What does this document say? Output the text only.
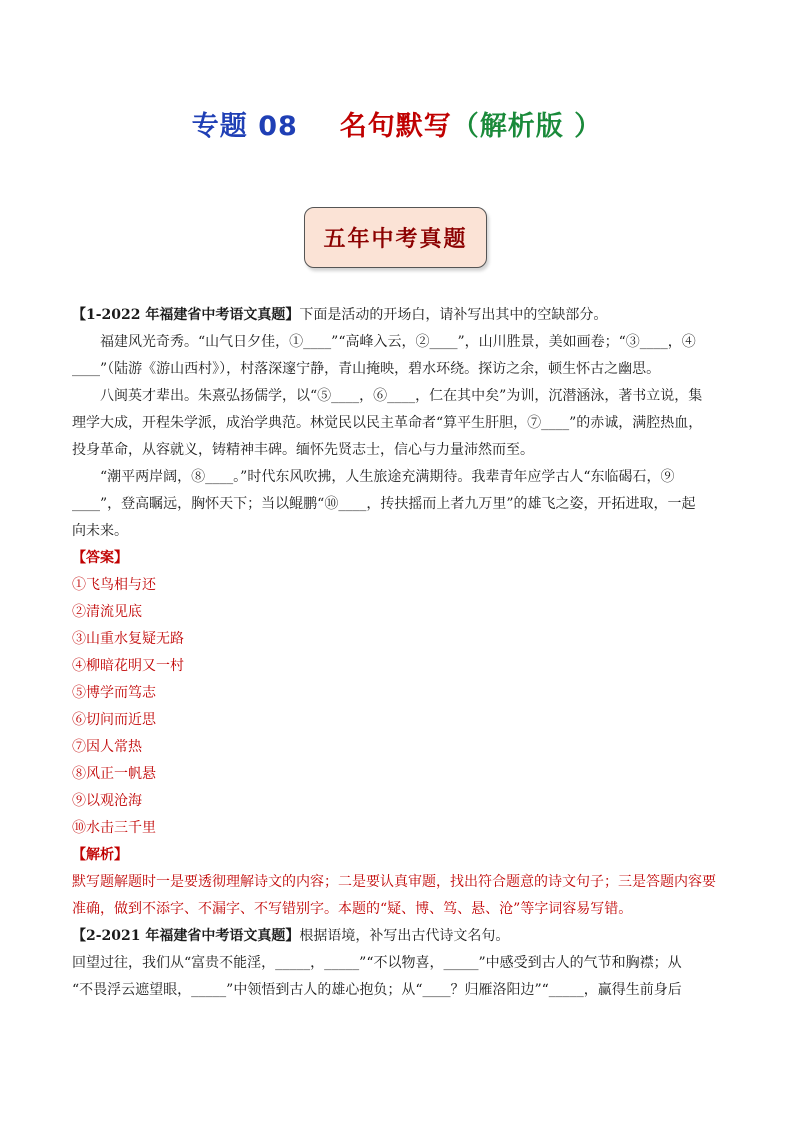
专题 08 名句默写（解析版 ）
五年中考真题
【1-2022 年福建省中考语文真题】下面是活动的开场白，请补写出其中的空缺部分。
福建风光奇秀。“山气日夕佳，①____”“高峰入云，②____”，山川胜景，美如画卷；“③____，④
____”（陆游《游山西村》），村落深邃宁静，青山掩映，碧水环绕。探访之余，顿生怀古之幽思。
八闽英才辈出。朱熹弘扬儒学，以“⑤____，⑥____，仁在其中矣”为训，沉潜涵泳，著书立说，集
理学大成，开程朱学派，成治学典范。林觉民以民主革命者“算平生肝胆，⑦____”的赤诚，满腔热血，
投身革命，从容就义，铸精神丰碑。缅怀先贤志士，信心与力量沛然而至。
“潮平两岸阔，⑧____。”时代东风吹拂，人生旅途充满期待。我辈青年应学古人“东临碣石，⑨
____”，登高瞩远，胸怀天下；当以鲲鹏“⑩____，抟扶摇而上者九万里”的雄飞之姿，开拓进取，一起
向未来。
【答案】
①飞鸟相与还
②清流见底
③山重水复疑无路
④柳暗花明又一村
⑤博学而笃志
⑥切问而近思
⑦因人常热
⑧风正一帆悬
⑨以观沧海
⑩水击三千里
【解析】
默写题解题时一是要透彻理解诗文的内容；二是要认真审题，找出符合题意的诗文句子；三是答题内容要
准确，做到不添字、不漏字、不写错别字。本题的“疑、博、笃、悬、沧”等字词容易写错。
【2-2021 年福建省中考语文真题】根据语境，补写出古代诗文名句。
回望过往，我们从“富贵不能淫，_____，_____”“不以物喜，_____”中感受到古人的气节和胸襟；从
“不畏浮云遮望眼，_____”中领悟到古人的雄心抱负；从“____？归雁洛阳边”“_____，赢得生前身后
